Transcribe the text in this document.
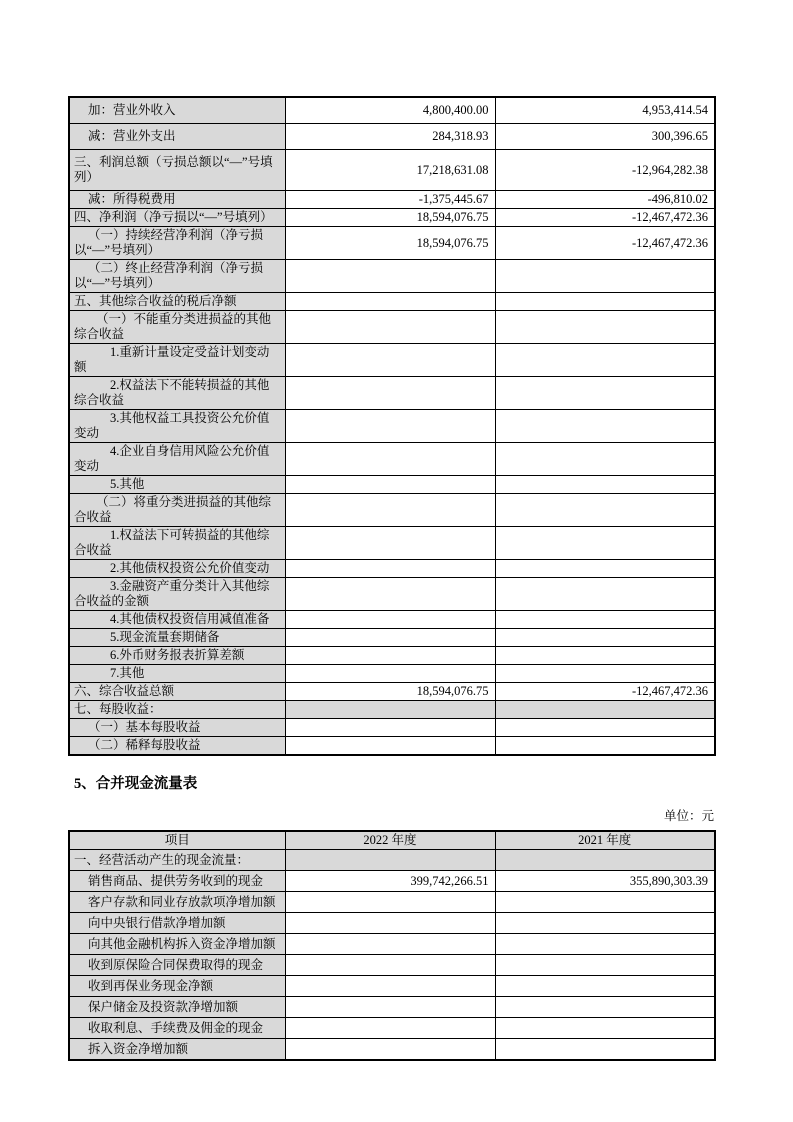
加：营业外收入	4,800,400.00	4,953,414.54
减：营业外支出	284,318.93	300,396.65
三、利润总额（亏损总额以“—”号填列）	17,218,631.08	-12,964,282.38
减：所得税费用	-1,375,445.67	-496,810.02
四、净利润（净亏损以“—”号填列）	18,594,076.75	-12,467,472.36
（一）持续经营净利润（净亏损以“—”号填列）	18,594,076.75	-12,467,472.36
（二）终止经营净利润（净亏损以“—”号填列）		
五、其他综合收益的税后净额		
（一）不能重分类进损益的其他综合收益		
1.重新计量设定受益计划变动额		
2.权益法下不能转损益的其他综合收益		
3.其他权益工具投资公允价值变动		
4.企业自身信用风险公允价值变动		
5.其他		
（二）将重分类进损益的其他综合收益		
1.权益法下可转损益的其他综合收益		
2.其他债权投资公允价值变动		
3.金融资产重分类计入其他综合收益的金额		
4.其他债权投资信用减值准备		
5.现金流量套期储备		
6.外币财务报表折算差额		
7.其他		
六、综合收益总额	18,594,076.75	-12,467,472.36
七、每股收益：		
（一）基本每股收益		
（二）稀释每股收益		
5、合并现金流量表
单位：元
项目	2022 年度	2021 年度
一、经营活动产生的现金流量：		
销售商品、提供劳务收到的现金	399,742,266.51	355,890,303.39
客户存款和同业存放款项净增加额		
向中央银行借款净增加额		
向其他金融机构拆入资金净增加额		
收到原保险合同保费取得的现金		
收到再保业务现金净额		
保户储金及投资款净增加额		
收取利息、手续费及佣金的现金		
拆入资金净增加额		
